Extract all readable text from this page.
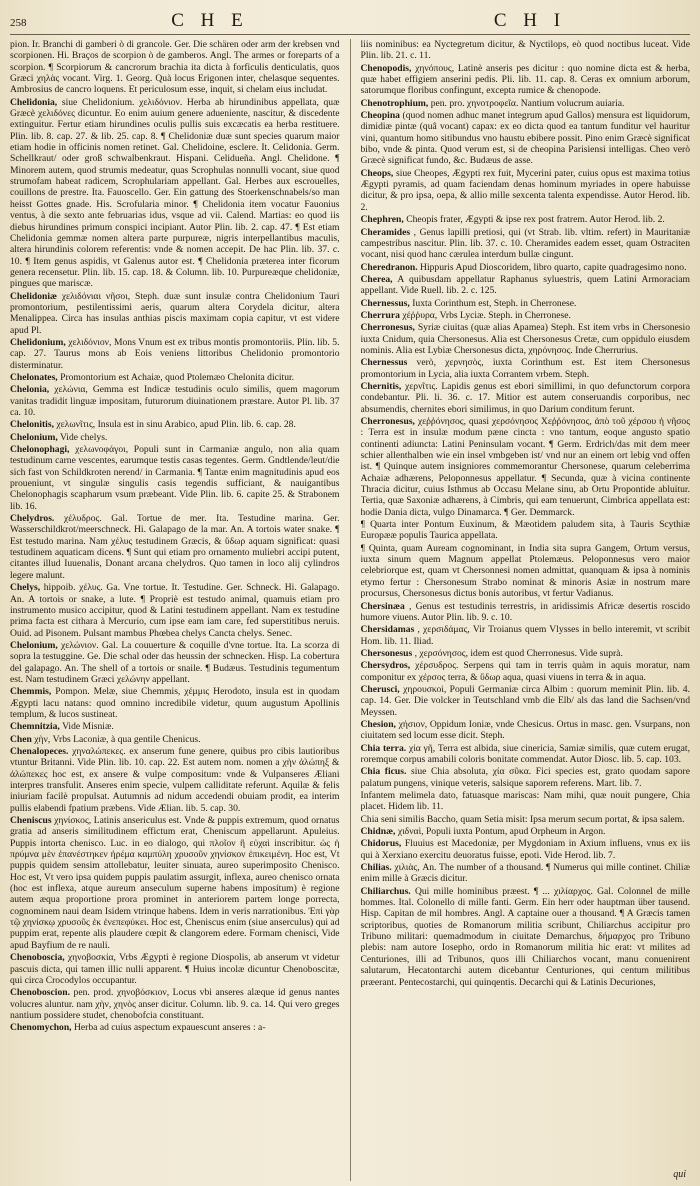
258	C H E	C H I

pion. Ir. Branchi di gamberi ò di grancole. Ger. Die schären oder arm der krebsen vnd scorpionen. Hi. Braços de scorpion ò de gamberos. Angl. The armes or foreparts of a scorpion. ¶ Scorpiorum & cancrorum brachia ita dicta à forficulis denticulatis, quos Græci χηλὰς vocant. Virg. 1. Georg. Quà locus Erigonen inter, chelasque sequentes. Ambrosius de cancro loquens. Et periculosum esse, inquit, si chelam eius includat.

Chelidonia, siue Chelidonium. χελιδόνιον. Herba ab hirundinibus appellata, quæ Græcè χελιδόνες dicuntur. Eo enim auium genere adueniente, nascitur, & discedente extinguitur. Fertur etiam hirundines oculis pullis suis excæcatis ea herba restituere. Plin. lib. 8. cap. 27. & lib. 25. cap. 8. ¶ Chelidoniæ duæ sunt species quarum maior etiam hodie in officinis nomen retinet. Gal. Chelidoine, esclere. It. Celidonia. Germ. Schellkraut/ oder groß schwalbenkraut. Hispani. Celidueña. Angl. Chelidone. ¶ Minorem autem, quod strumis medeatur, quas Scrophulas nonnulli vocant, siue quod strumofam habeat radicem, Scrophulariam appellant. Gal. Herbes aux escrouelles, couillons de prestre. Ita. Fauoscello. Ger. Ein gattung des Stoerkenschnabels/so man heisst Gottes gnade. His. Scrofularia minor. ¶ Chelidonia item vocatur Fauonius ventus, à die sexto ante februarias idus, vsque ad vii. Calend. Martias: eo quod iis diebus hirundines primum conspici incipiant. Autor Plin. lib. 2. cap. 47. ¶ Est etiam Chelidonia gemmæ nomen altera parte purpureæ, nigris interpellantibus maculis, altera hirundinis colorem referentis: vnde & nomen accepit. De hac Plin. lib. 37. c. 10. ¶ Item genus aspidis, vt Galenus autor est. ¶ Chelidonia præterea inter ficorum genera recensetur. Plin. lib. 15. cap. 18. & Column. lib. 10. Purpureæque chelidoniæ, pingues que mariscæ.

Chelidoniæ χελιδόνιαι νῆσοι, Steph. duæ sunt insulæ contra Chelidonium Tauri promontorium, pestilentissimi aeris, quarum altera Corydela dicitur, altera Menalippea. Circa has insulas anthias piscis maximam copia capitur, vt est videre apud Pl.

Chelidonium, χελιδόνιον, Mons Vnum est ex tribus montis promontoriis. Plin. lib. 5. cap. 27. Taurus mons ab Eois veniens littoribus Chelidonio promontorio disterminatur.

Chelonates, Promontorium est Achaiæ, quod Ptolemæo Chelonita dicitur.

Chelonia, χελώνια, Gemma est Indicæ testudinis oculo similis, quem magorum vanitas tradidit linguæ impositam, futurorum diuinationem præstare. Autor Pl. lib. 37 ca. 10.

Chelonitis, χελωνῖτις, Insula est in sinu Arabico, apud Plin. lib. 6. cap. 28.

Chelonium, Vide chelys.

Chelonophagi, χελωνοφάγοι, Populi sunt in Carmaniæ angulo, non alia quam testudinum carne vescentes, earumque testis casas tegentes. Germ. Gndtlende/leut/die sich fast von Schildkroten nerend/ in Carmania. ¶ Tantæ enim magnitudinis apud eos proueniunt, vt singulæ singulis casis tegendis sufficiant, & nauigantibus Chelonophagis scapharum vsum præbeant. Vide Plin. lib. 6. capite 25. & Strabonem lib. 16.

Chelydros. χέλυδρος. Gal. Tortue de mer. Ita. Testudine marina. Ger. Wasserschildkrot/meerschneck. Hi. Galapago de la mar. An. A tortois water snake. ¶ Est testudo marina. Nam χέλυς testudinem Græcis, & ὕδωρ aquam significat: quasi testudinem aquaticam dicens. ¶ Sunt qui etiam pro ornamento muliebri accipi putent, citantes illud Iuuenalis, Donant arcana chelydros. Quo tamen in loco alij cylindros legere malunt.

Chelys, hippoib. χέλυς. Ga. Vne tortue. It. Testudine. Ger. Schneck. Hi. Galapago. An. A tortois or snake, a lute. ¶ Propriè est testudo animal, quamuis etiam pro instrumento musico accipitur, quod & Latini testudinem appellant. Nam ex testudine prima facta est cithara à Mercurio, cum ipse eam iam care, fed superstitibus neruis. Ouid. ad Pisonem. Pulsant mambus Phœbea chelys Cancta chelys. Senec.

Chelonium, χελώνιον. Gal. La couuerture & coquille d'vne tortue. Ita. La scorza di sopra la testuggine. Ge. Die schal oder das heussin der schnecken. Hisp. La cobertura del galapago. An. The shell of a tortois or snaile. ¶ Budæus. Testudinis tegumentum est. Nam testudinem Græci χελώνην appellant.

Chemmis, Pompon. Melæ, siue Chemmis, χέμμις Herodoto, insula est in quodam Ægypti lacu natans: quod omnino incredibile videtur, quum augustum Apollinis templum, & lucos sustineat.

Chemnitzia, Vide Misniæ.

Chen χὴν, Vrbs Laconiæ, à qua gentile Chenicus.

Chenalopeces. χηναλώπεκες. ex anserum fune genere, quibus pro cibis lautioribus vtuntur Britanni. Vide Plin. lib. 10. cap. 22. Est autem nom. nomen a χὴν ἀλώπηξ & ἀλώπεκες hoc est, ex ansere & vulpe compositum: vnde & Vulpanseres Æliani interpres transfulit. Anseres enim specie, vulpem calliditate referunt. Aquilæ & felis iniuriam facilè propulsat. Autumnis ad nidum accedendi obuiam prodit, ea interim pullis elabendi fpatium præbens. Vide Ælian. lib. 5. cap. 30.

Cheniscus χηνίσκος, Latinis ansericulus est. Vnde & puppis extremum, quod ornatus gratia ad anseris similitudinem effictum erat, Cheniscum appellarunt. Apuleius. Puppis intorta chenisco. Luc. in eo dialogo, qui πλοῖον ἢ εὐχαὶ inscribitur. ὡς ἡ πρύμνα μὲν ἐπανέστηκεν ἠρέμα καμπύλη χρυσοῦν χηνίσκον ἐπικειμένη. Hoc est, Vt puppis quidem sensim attollebatur, leuiter sinuata, aureo superimposito Chenisco. Hoc est, Vt vero ipsa quidem puppis paulatim assurgit, inflexa, aureo chenisco ornata (hoc est inflexa, atque aureum anseculum superne habens imposítum) è regione autem æqua proportione prora prominet in anteriorem partem longe porrecta, cognominem naui deam Isidem vtrinque habens. Idem in veris narrationibus. Ἐπὶ γὰρ τῷ χηνίσκῳ χρυσοῦς ἐκ ἐνεπεφύκει. Hoc est, Cheniscus enim (siue anserculus) qui ad puppim erat, repente alis plaudere cœpit & clangorem edere. Formam chenisci, Vide apud Bayfium de re nauli.

Chenoboscia, χηνοβοσκία, Vrbs Ægypti è regione Diospolis, ab anserum vt videtur pascuis dicta, qui tamen illic nulli apparent. ¶ Huius incolæ dicuntur Chenoboscitæ, qui circa Crocodylos occupantur.

Chenoboscion. pen. prod. χηνοβόσκιον, Locus vbi anseres alæque id genus nantes volucres aluntur. nam χὴν, χηνὸς anser dicitur. Column. lib. 9. ca. 14. Qui vero greges nantium possidere studet, chenobofcia constituant.

Chenomychon, Herba ad cuius aspectum expauescunt anseres : a-

liis nominibus: ea Nyctegretum dicitur, & Nyctilops, eò quod noctibus luceat. Vide Plin. lib. 21. c. 11.

Chenopodis, χηνόπους, Latinè anseris pes dicitur : quo nomine dicta est & herba, quæ habet effigiem anserini pedis. Pli. lib. 11. cap. 8. Ceras ex omnium arborum, satorumque floribus confingunt, excepta rumice & chenopode.

Chenotrophium, pen. pro. χηνοτροφεῖα. Nantium volucrum auiaria.

Cheopina (quod nomen adhuc manet integrum apud Gallos) mensura est liquidorum, dimidiæ pintæ (quâ vocant) capax: ex eo dicta quod ea tantum funditur vel hauritur vini, quantum homo sitibundus vno haustu ebibere possit. Pino enim Græcè significat bibo, vnde & pinta. Quod verum est, si de cheopina Parisiensi intelligas. Cheo verò Græcè significat fundo, &c. Budæus de asse.

Cheops, siue Cheopes, Ægypti rex fuit, Mycerini pater, cuius opus est maxima totius Ægypti pyramis, ad quam faciendam denas hominum myriades in opere habuisse dicitur, & pro ipsa, oepa, & allio mille sexcenta talenta expendisse. Autor Herod. lib. 2.

Chephren, Cheopis frater, Ægypti & ipse rex post fratrem. Autor Herod. lib. 2.

Cheramides , Genus lapilli pretiosi, qui (vt Strab. lib. vltim. refert) in Mauritaniæ campestribus nascitur. Plin. lib. 37. c. 10. Cheramides eadem esset, quam Ostraciten vocant, nisi quod hanc cærulea interdum bullæ cingunt.

Cheredranon. Hippuris Apud Dioscoridem, libro quarto, capite quadragesimo nono.

Cherea, A quibusdam appellatur Raphanus syluestris, quem Latini Armoraciam appellant. Vide Ruell. lib. 2. c. 125.

Chernessus, Iuxta Corinthum est, Steph. in Cherronese.

Cherrura χέῤῥυρα, Vrbs Lyciæ. Steph. in Cherronese.

Cherronesus, Syriæ ciuitas (quæ alias Apamea) Steph. Est item vrbs in Chersonesio iuxta Cnidum, quia Chersonesus. Alia est Chersonesus Cretæ, cum oppidulo eiusdem nominis. Alia est Lybiæ Chersonesus dicta, χηρόνησος. Inde Cherrurius.

Chernessus verò, χερνησὸς, iuxta Corinthum est. Est item Chersonesus promontorium in Lycia, alia iuxta Corrantem vrbem. Steph.

Chernitis, χερνῖτις. Lapidis genus est ebori simillimi, in quo defunctorum corpora condebantur. Pli. li. 36. c. 17. Mitior est autem conseruandis corporibus, nec absumendis, chernites ebori similimus, in quo Darium conditum ferunt.

Cherronesus, χεῤῥόνησος, quasi χερσόνησος Χεῤῥόνησος, ἀπὸ τοῦ χέρσου ἡ νῆσος : Terra est in insulæ modum pæne cincta : vno tantum, eoque angusto spatio continenti adiuncta: Latini Peninsulam vocant. ¶ Germ. Erdrich/das mit dem meer schier allenthalben wie ein insel vmbgeben ist/ vnd nur an einem ort lebig vnd offen ist. ¶ Quinque autem insigniores commemorantur Chersonese, quarum celeberrima Achaiæ adhærens, Peloponnesus appellatur. ¶ Secunda, quæ à vicina continente Thracia dicitur, cuius Isthmus ab Occasu Melane sinu, ab Ortu Propontide abluitur. Tertia, quæ Saxoniæ adhærens, à Cimbris, qui eam tenuerunt, Cimbrica appellata est: hodie Dania dicta, vulgo Dinamarca. ¶ Ger. Demmarck.

¶ Quarta inter Pontum Euxinum, & Mæotidem paludem sita, à Tauris Scythiæ Europææ populis Taurica appellata.

¶ Quinta, quam Auream cognominant, in India sita supra Gangem, Ortum versus, iuxta sinum quem Magnum appellat Ptolemæus. Peloponnesus vero maior celebriorque est, quam vt Chersonnesi nomen admittat, quanquam & ipsa à nominis etymo fertur : Chersonesum Strabo nominat & minoris Asiæ in nostrum mare procursus, Chersonesus dictus bonis autoribus, vt fertur Vadianus.

Chersinæa , Genus est testudinis terrestris, in aridissimis Africæ desertis roscido humore viuens. Autor Plin. lib. 9. c. 10.

Chersidamas , χερσιδάμας, Vir Troianus quem Vlysses in bello interemit, vt scribit Hom. lib. 11. Iliad.

Chersonesus , χερσόνησος, idem est quod Cherronesus. Vide suprà.

Chersydros, χέρσυδρος. Serpens qui tam in terris quàm in aquis moratur, nam componitur ex χέρσος terra, & ὕδωρ aqua, quasi viuens in terra & in aqua.

Cherusci, χηρουσκοὶ, Populi Germaniæ circa Albim : quorum meminit Plin. lib. 4. cap. 14. Ger. Die volcker in Teutschland vmb die Elb/ als das land die Sachsen/vnd Meyssen.

Chesion, χήσιον, Oppidum Ioniæ, vnde Chesicus. Ortus in masc. gen. Vsurpans, non ciuitatem sed locum esse dicit. Steph.

Chia terra. χία γῆ, Terra est albida, siue cinericia, Samiæ similis, quæ cutem erugat, roremque corpus amabili coloris bonitate commendat. Autor Diosc. lib. 5. cap. 103.

Chia ficus. siue Chia absoluta, χία σῦκα. Fici species est, grato quodam sapore palatum pungens, vinique veteris, salsique saporem referens. Mart. lib. 7.

Infantem melimela dato, fatuasque mariscas: Nam mihi, quæ nouit pungere, Chia placet. Hidem lib. 11.

Chia seni similis Baccho, quam Setia misit: Ipsa merum secum portat, & ipsa salem.

Chidnæ, χιδναὶ, Populi iuxta Pontum, apud Orpheum in Argon.

Chidorus, Fluuius est Macedoniæ, per Mygdoniam in Axium influens, vnus ex iis qui à Xerxiano exercitu deuoratus fuisse, epoti. Vide Herod. lib. 7.

Chilias. χιλιὰς, An. The number of a thousand. ¶ Numerus qui mille continet. Chiliæ enim mille à Græcis dicitur.

Chiliarchus. Qui mille hominibus præest. ¶ ... χιλίαρχος. Gal. Colonnel de mille hommes. Ital. Colonello di mille fanti. Germ. Ein herr oder hauptman über tausend. Hisp. Capitan de mil hombres. Angl. A captaine ouer a thousand. ¶ A Græcis tamen scriptoribus, quoties de Romanorum militia scribunt, Chiliarchus accipitur pro Tribuno militari: quemadmodum in ciuitate Demarchus, δήμαρχος pro Tribuno plebis: nam autore Iosepho, ordo in Romanorum militia hic erat: vt milites ad Centuriones, illi ad Tribunos, quos illi Chiliarchos vocant, manu conuenirent salutarum, Hecatontarchi autem dicebantur Centuriones, qui centum militibus præerant. Pentecostarchi, qui quinqentis. Decarchi qui & Latinis Decuriones,

qui
